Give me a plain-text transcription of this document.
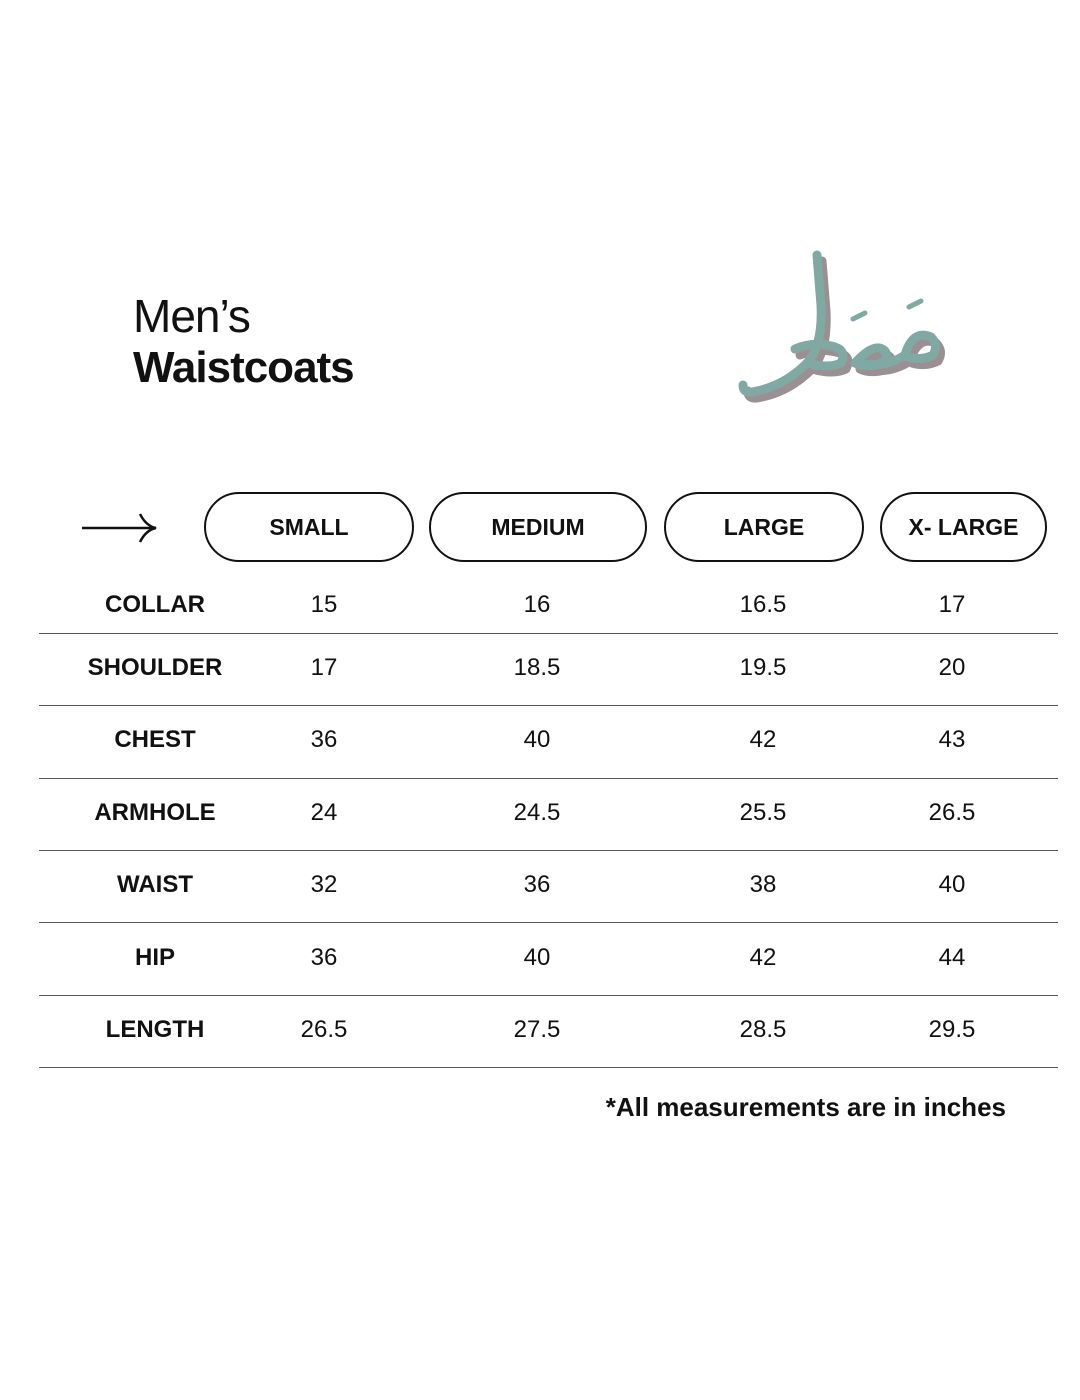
Men’s
Waistcoats
SMALL	MEDIUM	LARGE	X- LARGE
COLLAR	15	16	16.5	17
SHOULDER	17	18.5	19.5	20
CHEST	36	40	42	43
ARMHOLE	24	24.5	25.5	26.5
WAIST	32	36	38	40
HIP	36	40	42	44
LENGTH	26.5	27.5	28.5	29.5
*All measurements are in inches
